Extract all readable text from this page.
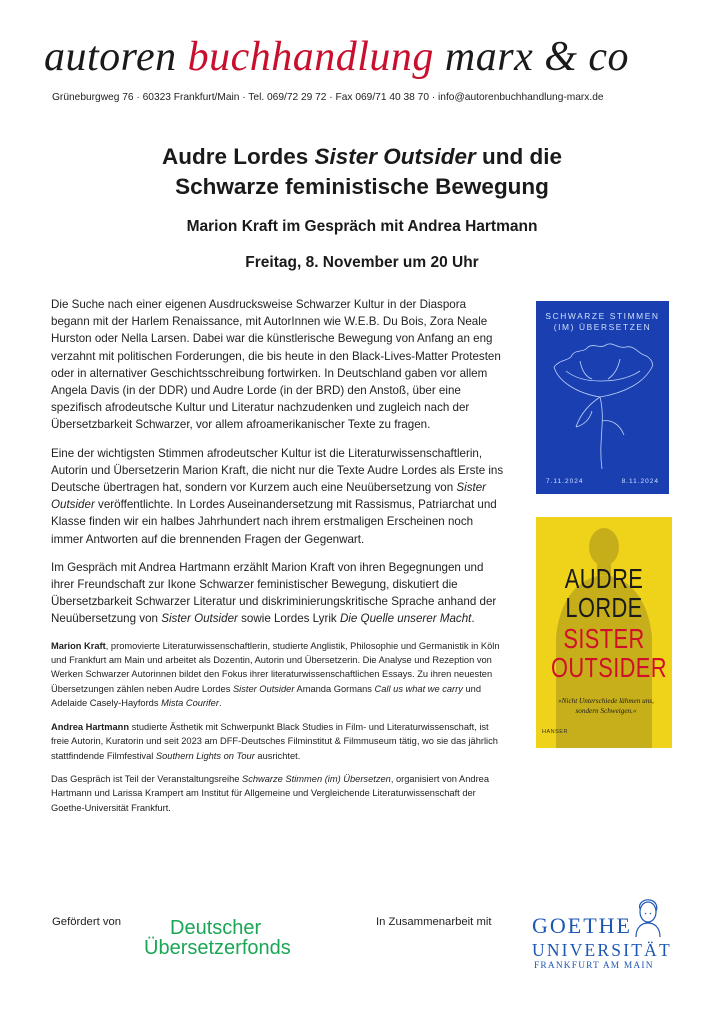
autoren buchhandlung marx & co
Grüneburgweg 76 · 60323 Frankfurt/Main · Tel. 069/72 29 72 · Fax 069/71 40 38 70 · info@autorenbuchhandlung-marx.de
Audre Lordes Sister Outsider und die
Schwarze feministische Bewegung
Marion Kraft im Gespräch mit Andrea Hartmann
Freitag, 8. November um 20 Uhr

Die Suche nach einer eigenen Ausdrucksweise Schwarzer Kultur in der Diaspora begann mit der Harlem Renaissance, mit AutorInnen wie W.E.B. Du Bois, Zora Neale Hurston oder Nella Larsen. Dabei war die künstlerische Bewegung von Anfang an eng verzahnt mit politischen Forderungen, die bis heute in den Black-Lives-Matter Protesten oder in alternativer Geschichtsschreibung fortwirken. In Deutschland gaben vor allem Angela Davis (in der DDR) und Audre Lorde (in der BRD) den Anstoß, über eine spezifisch afrodeutsche Kultur und Literatur nachzudenken und zugleich nach der Übersetzbarkeit Schwarzer, vor allem afroamerikanischer Texte zu fragen.

Eine der wichtigsten Stimmen afrodeutscher Kultur ist die Literaturwissenschaftlerin, Autorin und Übersetzerin Marion Kraft, die nicht nur die Texte Audre Lordes als Erste ins Deutsche übertragen hat, sondern vor Kurzem auch eine Neuübersetzung von Sister Outsider veröffentlichte. In Lordes Auseinandersetzung mit Rassismus, Patriarchat und Klasse finden wir ein halbes Jahrhundert nach ihrem erstmaligen Erscheinen noch immer Antworten auf die brennenden Fragen der Gegenwart.

Im Gespräch mit Andrea Hartmann erzählt Marion Kraft von ihren Begegnungen und ihrer Freundschaft zur Ikone Schwarzer feministischer Bewegung, diskutiert die Übersetzbarkeit Schwarzer Literatur und diskriminierungskritische Sprache anhand der Neuübersetzung von Sister Outsider sowie Lordes Lyrik Die Quelle unserer Macht.

Marion Kraft, promovierte Literaturwissenschaftlerin, studierte Anglistik, Philosophie und Germanistik in Köln und Frankfurt am Main und arbeitet als Dozentin, Autorin und Übersetzerin. Die Analyse und Rezeption von Werken Schwarzer Autorinnen bildet den Fokus ihrer literaturwissenschaftlichen Essays. Zu ihren neuesten Übersetzungen zählen neben Audre Lordes Sister Outsider Amanda Gormans Call us what we carry und Adelaide Casely-Hayfords Mista Courifer.

Andrea Hartmann studierte Ästhetik mit Schwerpunkt Black Studies in Film- und Literaturwissenschaft, ist freie Autorin, Kuratorin und seit 2023 am DFF-Deutsches Filminstitut & Filmmuseum tätig, wo sie das jährlich stattfindende Filmfestival Southern Lights on Tour ausrichtet.

Das Gespräch ist Teil der Veranstaltungsreihe Schwarze Stimmen (im) Übersetzen, organisiert von Andrea Hartmann und Larissa Krampert am Institut für Allgemeine und Vergleichende Literaturwissenschaft der Goethe-Universität Frankfurt.

SCHWARZE STIMMEN
(IM) ÜBERSETZEN
7.11.2024	8.11.2024
AUDRE
LORDE
SISTER
OUTSIDER
»Nicht Unterschiede lähmen uns, sondern Schweigen.«
HANSER
Gefördert von	Deutscher
Übersetzerfonds
In Zusammenarbeit mit GOETHE
UNIVERSITÄT
FRANKFURT AM MAIN
